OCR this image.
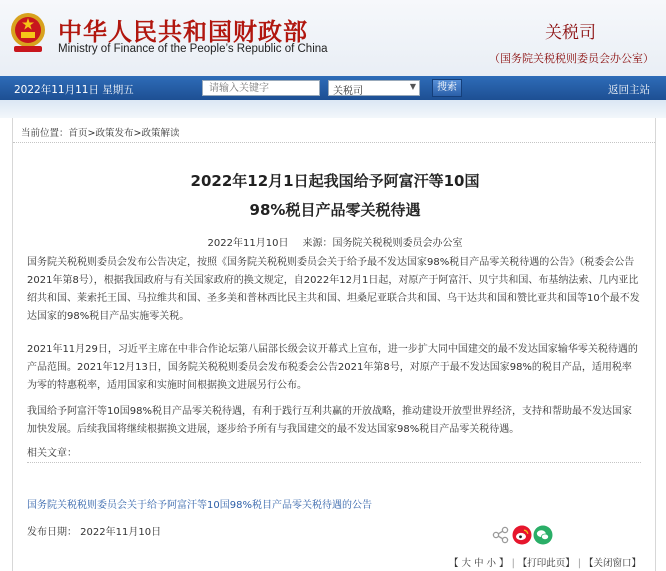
中华人民共和国财政部
Ministry of Finance of the People’s Republic of China
关税司
（国务院关税税则委员会办公室）
2022年11月11日 星期五
请输入关键字	关税司	▼	搜索	返回主站
当前位置：首页>政策发布>政策解读
2022年12月1日起我国给予阿富汗等10国
98%税目产品零关税待遇
2022年11月10日 来源：国务院关税税则委员会办公室
国务院关税税则委员会发布公告决定，按照《国务院关税税则委员会关于给予最不发达国家98%税目产品零关税待遇的公告》（税委会公告2021年第8号），根据我国政府与有关国家政府的换文规定，自2022年12月1日起，对原产于阿富汗、贝宁共和国、布基纳法索、几内亚比绍共和国、莱索托王国、马拉维共和国、圣多美和普林西比民主共和国、坦桑尼亚联合共和国、乌干达共和国和赞比亚共和国等10个最不发达国家的98%税目产品实施零关税。
2021年11月29日，习近平主席在中非合作论坛第八届部长级会议开幕式上宣布，进一步扩大同中国建交的最不发达国家输华零关税待遇的产品范围。2021年12月13日，国务院关税税则委员会发布税委会公告2021年第8号，对原产于最不发达国家98%的税目产品，适用税率为零的特惠税率，适用国家和实施时间根据换文进展另行公布。
我国给予阿富汗等10国98%税目产品零关税待遇，有利于践行互利共赢的开放战略，推动建设开放型世界经济，支持和帮助最不发达国家加快发展。后续我国将继续根据换文进展，逐步给予所有与我国建交的最不发达国家98%税目产品零关税待遇。
相关文章：
国务院关税税则委员会关于给予阿富汗等10国98%税目产品零关税待遇的公告
发布日期： 2022年11月10日
【 大 中 小 】 | 【打印此页】 | 【关闭窗口】
